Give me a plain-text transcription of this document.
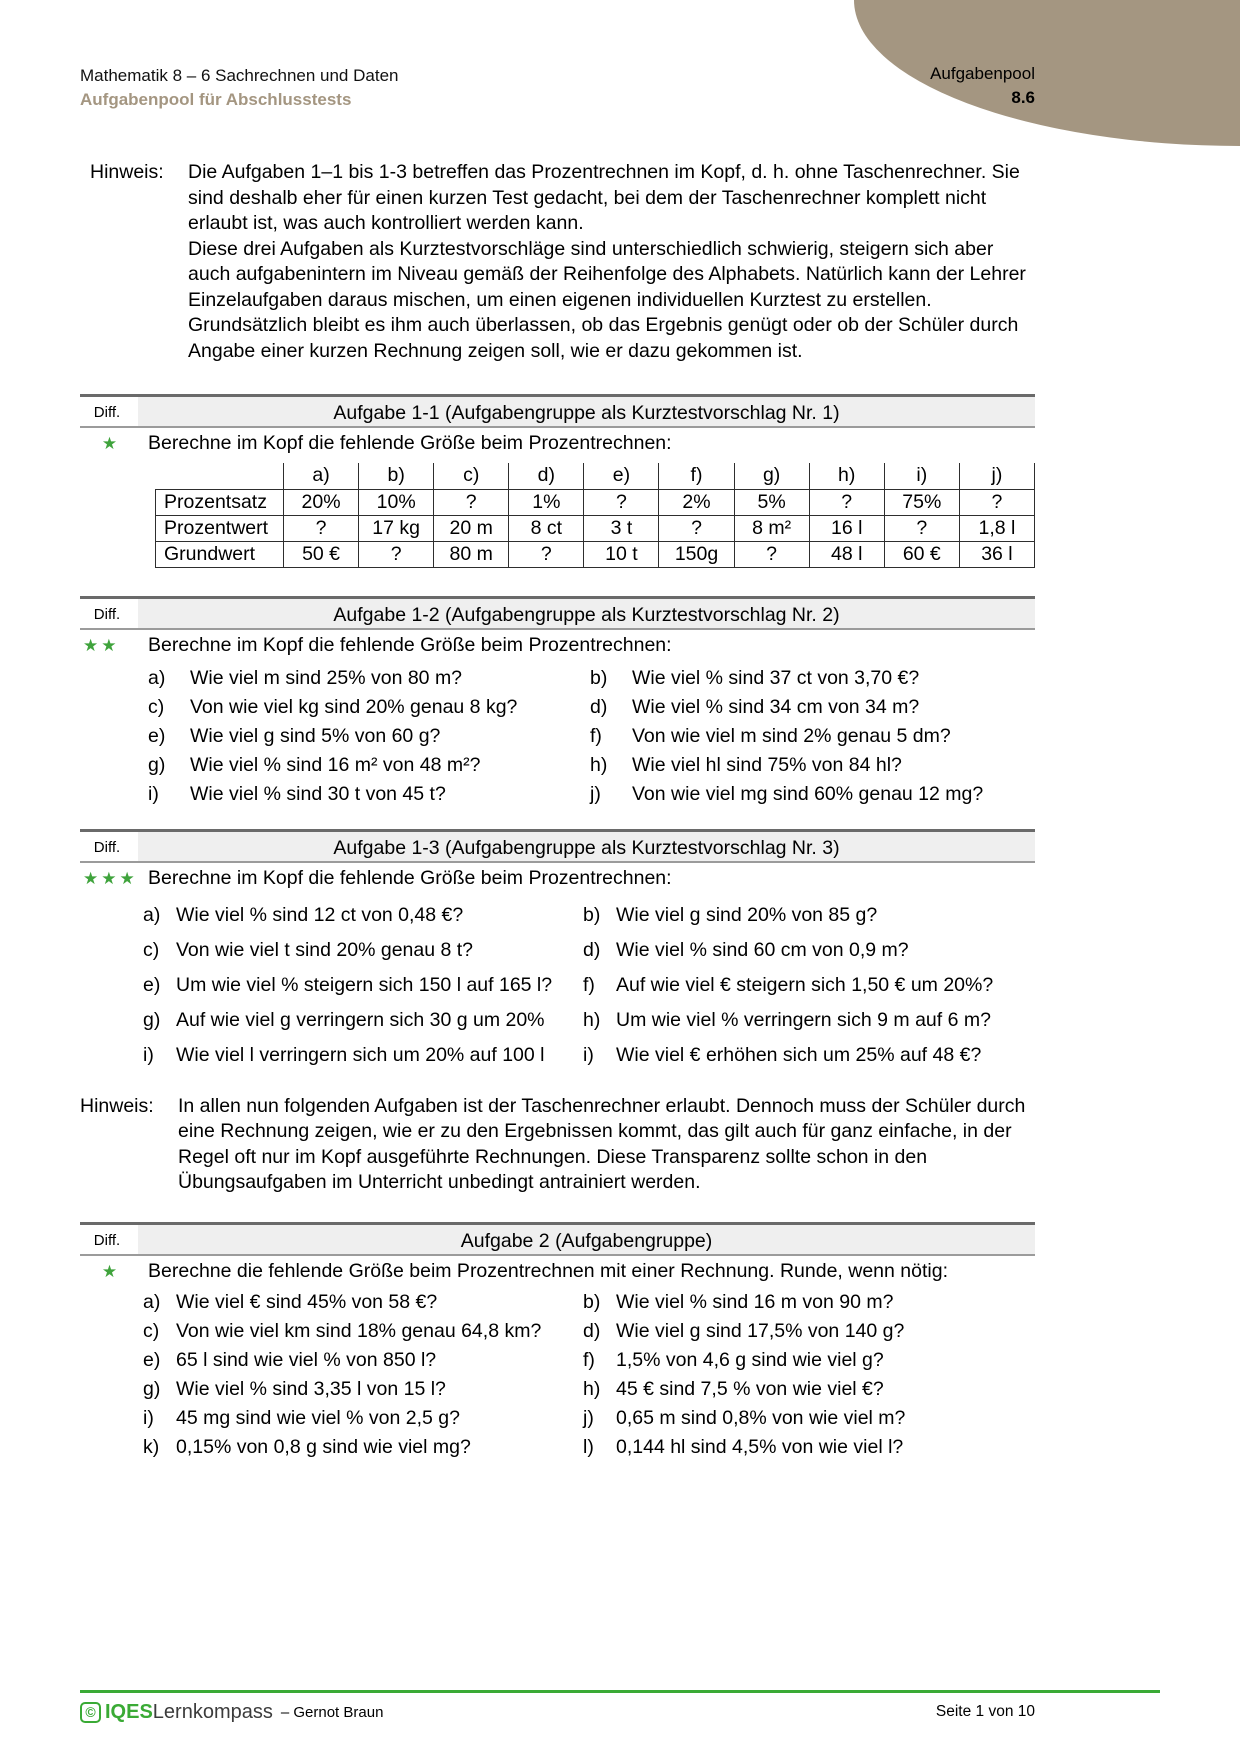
Aufgabenpool
8.6
Mathematik 8 – 6 Sachrechnen und Daten
Aufgabenpool für Abschlusstests
Hinweis:	Die Aufgaben 1–1 bis 1-3 betreffen das Prozentrechnen im Kopf, d. h. ohne Taschenrechner. Sie sind deshalb eher für einen kurzen Test gedacht, bei dem der Taschenrechner komplett nicht erlaubt ist, was auch kontrolliert werden kann.

Diese drei Aufgaben als Kurztestvorschläge sind unterschiedlich schwierig, steigern sich aber auch aufgabenintern im Niveau gemäß der Reihenfolge des Alphabets. Natürlich kann der Lehrer Einzelaufgaben daraus mischen, um einen eigenen individuellen Kurztest zu erstellen. Grundsätzlich bleibt es ihm auch überlassen, ob das Ergebnis genügt oder ob der Schüler durch Angabe einer kurzen Rechnung zeigen soll, wie er dazu gekommen ist.

Diff.	Aufgabe 1-1 (Aufgabengruppe als Kurztestvorschlag Nr. 1)
★	Berechne im Kopf die fehlende Größe beim Prozentrechnen:
	a)	b)	c)	d)	e)	f)	g)	h)	i)	j)
Prozentsatz	20%	10%	?	1%	?	2%	5%	?	75%	?
Prozentwert	?	17 kg	20 m	8 ct	3 t	?	8 m²	16 l	?	1,8 l
Grundwert	50 €	?	80 m	?	10 t	150g	?	48 l	60 €	36 l
Diff.	Aufgabe 1-2 (Aufgabengruppe als Kurztestvorschlag Nr. 2)
★★	Berechne im Kopf die fehlende Größe beim Prozentrechnen:
a)	Wie viel m sind 25% von 80 m?	b)	Wie viel % sind 37 ct von 3,70 €?
c)	Von wie viel kg sind 20% genau 8 kg?	d)	Wie viel % sind 34 cm von 34 m?
e)	Wie viel g sind 5% von 60 g?	f)	Von wie viel m sind 2% genau 5 dm?
g)	Wie viel % sind 16 m² von 48 m²?	h)	Wie viel hl sind 75% von 84 hl?
i)	Wie viel % sind 30 t von 45 t?	j)	Von wie viel mg sind 60% genau 12 mg?
Diff.	Aufgabe 1-3 (Aufgabengruppe als Kurztestvorschlag Nr. 3)
★★★ Berechne im Kopf die fehlende Größe beim Prozentrechnen:
a) Wie viel % sind 12 ct von 0,48 €?	b) Wie viel g sind 20% von 85 g?
c) Von wie viel t sind 20% genau 8 t?	d) Wie viel % sind 60 cm von 0,9 m?
e) Um wie viel % steigern sich 150 l auf 165 l? f)	Auf wie viel € steigern sich 1,50 € um 20%?
g) Auf wie viel g verringern sich 30 g um 20% h) Um wie viel % verringern sich 9 m auf 6 m?
i)	Wie viel l verringern sich um 20% auf 100 l i)	Wie viel € erhöhen sich um 25% auf 48 €?
Hinweis:	In allen nun folgenden Aufgaben ist der Taschenrechner erlaubt. Dennoch muss der Schüler durch eine Rechnung zeigen, wie er zu den Ergebnissen kommt, das gilt auch für ganz einfache, in der Regel oft nur im Kopf ausgeführte Rechnungen. Diese Transparenz sollte schon in den Übungsaufgaben im Unterricht unbedingt antrainiert werden.

Diff.	Aufgabe 2 (Aufgabengruppe)
★	Berechne die fehlende Größe beim Prozentrechnen mit einer Rechnung. Runde, wenn nötig:
a) Wie viel € sind 45% von 58 €?	b) Wie viel % sind 16 m von 90 m?
c) Von wie viel km sind 18% genau 64,8 km? d) Wie viel g sind 17,5% von 140 g?
e) 65 l sind wie viel % von 850 l?	f)	1,5% von 4,6 g sind wie viel g?
g) Wie viel % sind 3,35 l von 15 l?	h) 45 € sind 7,5 % von wie viel €?
i)	45 mg sind wie viel % von 2,5 g?	j)	0,65 m sind 0,8% von wie viel m?
k) 0,15% von 0,8 g sind wie viel mg?	l)	0,144 hl sind 4,5% von wie viel l?
© IQES Lernkompass – Gernot Braun	Seite 1 von 10
